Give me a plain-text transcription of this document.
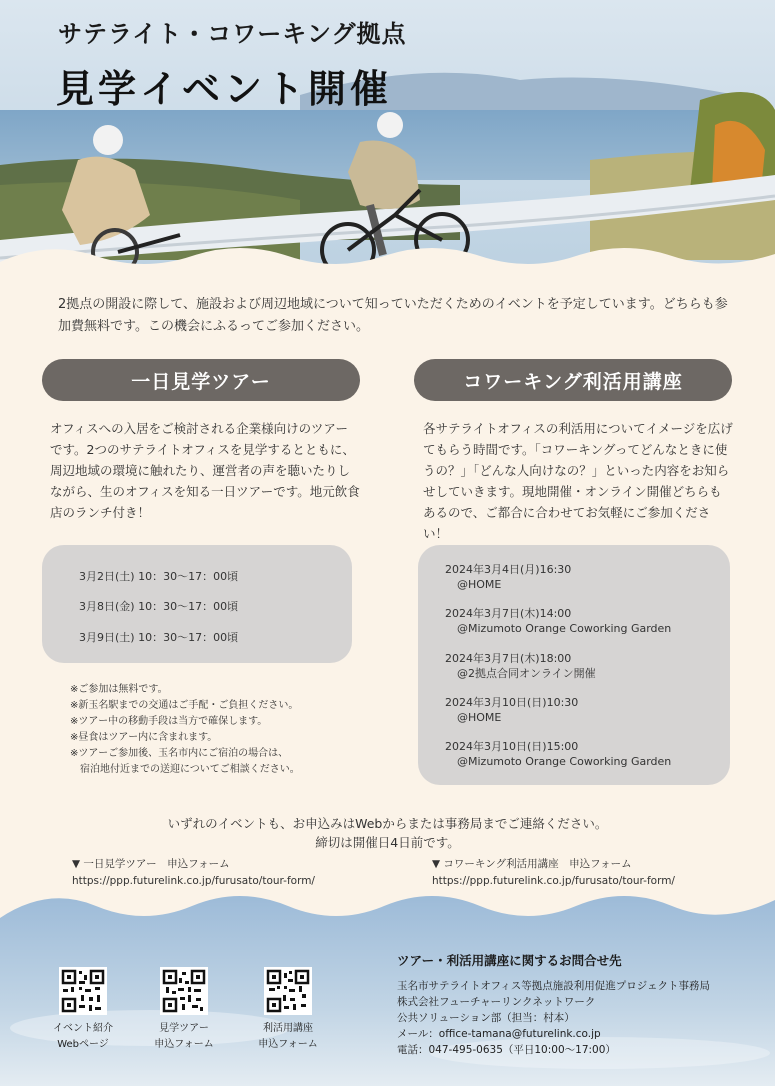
サテライト・コワーキング拠点
見学イベント開催
2拠点の開設に際して、施設および周辺地域について知っていただくためのイベントを予定しています。どちらも参加費無料です。この機会にふるってご参加ください。
一日見学ツアー
オフィスへの入居をご検討される企業様向けのツアーです。2つのサテライトオフィスを見学するとともに、周辺地域の環境に触れたり、運営者の声を聴いたりしながら、生のオフィスを知る一日ツアーです。地元飲食店のランチ付き！
3月2日(土) 10：30〜17：00頃
3月8日(金) 10：30〜17：00頃
3月9日(土) 10：30〜17：00頃
※ご参加は無料です。
※新玉名駅までの交通はご手配・ご負担ください。
※ツアー中の移動手段は当方で確保します。
※昼食はツアー内に含まれます。
※ツアーご参加後、玉名市内にご宿泊の場合は、
　宿泊地付近までの送迎についてご相談ください。
コワーキング利活用講座
各サテライトオフィスの利活用についてイメージを広げてもらう時間です。「コワーキングってどんなときに使うの？」「どんな人向けなの？」といった内容をお知らせしていきます。現地開催・オンライン開催どちらもあるので、ご都合に合わせてお気軽にご参加ください！
2024年3月4日(月)16:30
@HOME
2024年3月7日(木)14:00
@Mizumoto Orange Coworking Garden
2024年3月7日(木)18:00
@2拠点合同オンライン開催
2024年3月10日(日)10:30
@HOME
2024年3月10日(日)15:00
@Mizumoto Orange Coworking Garden
いずれのイベントも、お申込みはWebからまたは事務局までご連絡ください。
締切は開催日4日前です。
▼ 一日見学ツアー　申込フォーム
https://ppp.futurelink.co.jp/furusato/tour-form/
▼ コワーキング利活用講座　申込フォーム
https://ppp.futurelink.co.jp/furusato/tour-form/
イベント紹介
Webページ
見学ツアー
申込フォーム
利活用講座
申込フォーム
ツアー・利活用講座に関するお問合せ先
玉名市サテライトオフィス等拠点施設利用促進プロジェクト事務局
株式会社フューチャーリンクネットワーク
公共ソリューション部（担当：村本）
メール：office-tamana@futurelink.co.jp
電話：047-495-0635（平日10:00〜17:00）
